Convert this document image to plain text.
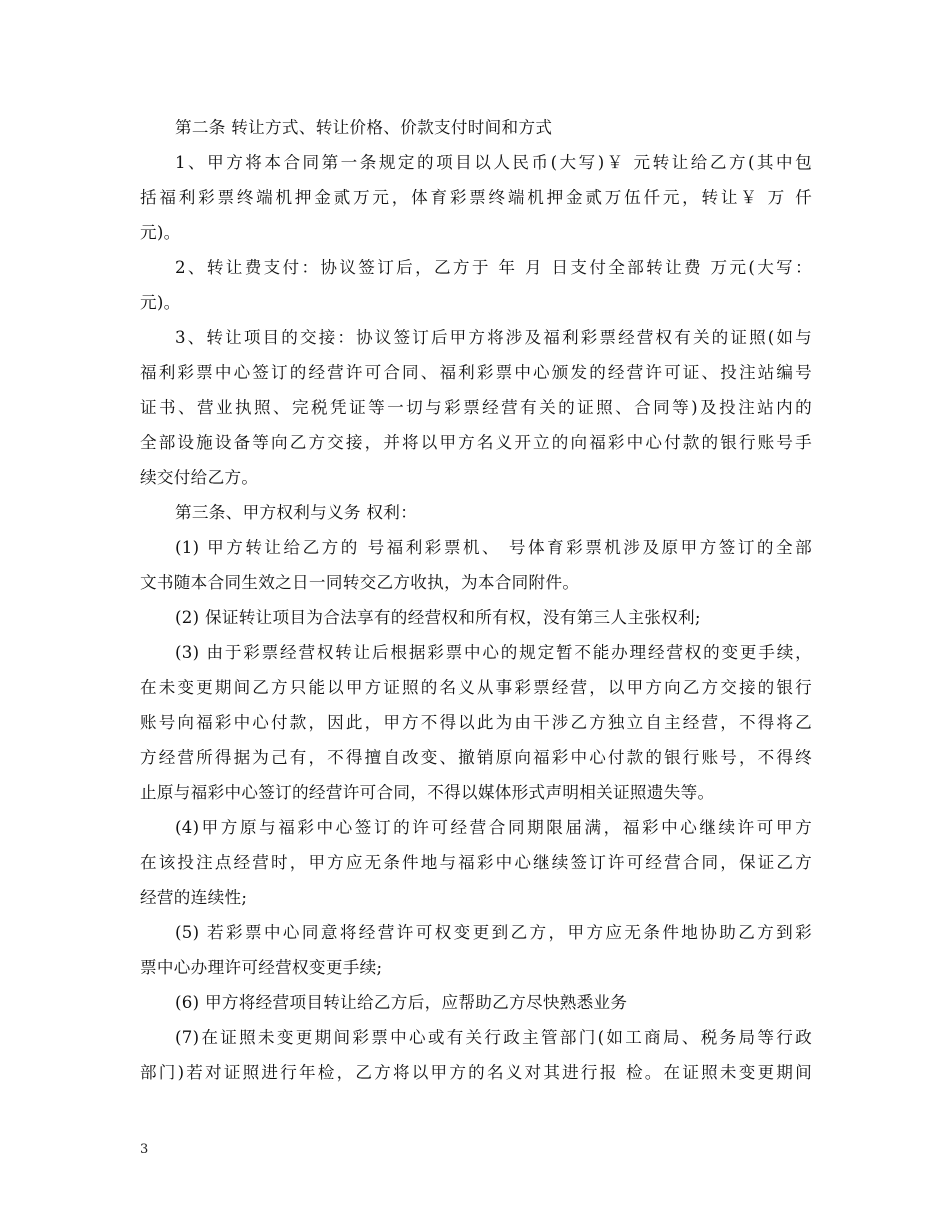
第二条 转让方式、转让价格、价款支付时间和方式
1、甲方将本合同第一条规定的项目以人民币(大写)￥ 元转让给乙方(其中包
括福利彩票终端机押金贰万元，体育彩票终端机押金贰万伍仟元，转让￥ 万 仟
元)。
2、转让费支付：协议签订后，乙方于 年 月 日支付全部转让费 万元(大写：
元)。
3、转让项目的交接：协议签订后甲方将涉及福利彩票经营权有关的证照(如与
福利彩票中心签订的经营许可合同、福利彩票中心颁发的经营许可证、投注站编号
证书、营业执照、完税凭证等一切与彩票经营有关的证照、合同等)及投注站内的
全部设施设备等向乙方交接，并将以甲方名义开立的向福彩中心付款的银行账号手
续交付给乙方。
第三条、甲方权利与义务 权利：
(1) 甲方转让给乙方的 号福利彩票机、 号体育彩票机涉及原甲方签订的全部
文书随本合同生效之日一同转交乙方收执，为本合同附件。
(2) 保证转让项目为合法享有的经营权和所有权，没有第三人主张权利;
(3) 由于彩票经营权转让后根据彩票中心的规定暂不能办理经营权的变更手续，
在未变更期间乙方只能以甲方证照的名义从事彩票经营，以甲方向乙方交接的银行
账号向福彩中心付款，因此，甲方不得以此为由干涉乙方独立自主经营，不得将乙
方经营所得据为己有，不得擅自改变、撤销原向福彩中心付款的银行账号，不得终
止原与福彩中心签订的经营许可合同，不得以媒体形式声明相关证照遗失等。
(4)甲方原与福彩中心签订的许可经营合同期限届满，福彩中心继续许可甲方
在该投注点经营时，甲方应无条件地与福彩中心继续签订许可经营合同，保证乙方
经营的连续性;
(5) 若彩票中心同意将经营许可权变更到乙方，甲方应无条件地协助乙方到彩
票中心办理许可经营权变更手续;
(6) 甲方将经营项目转让给乙方后，应帮助乙方尽快熟悉业务
(7)在证照未变更期间彩票中心或有关行政主管部门(如工商局、税务局等行政
部门)若对证照进行年检，乙方将以甲方的名义对其进行报 检。在证照未变更期间
3
